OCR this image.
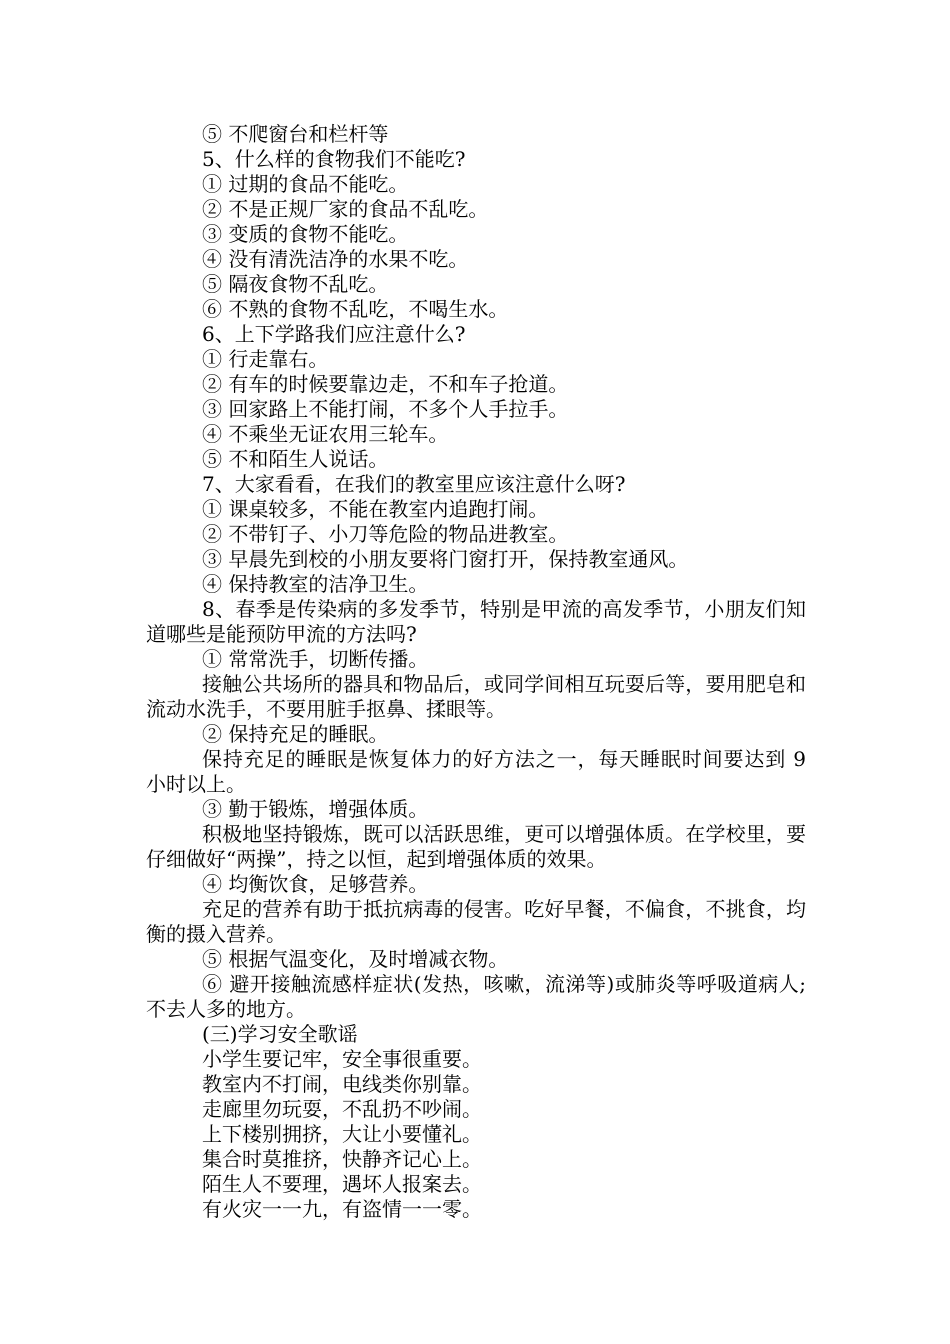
⑤ 不爬窗台和栏杆等
5、什么样的食物我们不能吃?
① 过期的食品不能吃。
② 不是正规厂家的食品不乱吃。
③ 变质的食物不能吃。
④ 没有清洗洁净的水果不吃。
⑤ 隔夜食物不乱吃。
⑥ 不熟的食物不乱吃，不喝生水。
6、上下学路我们应注意什么?
① 行走靠右。
② 有车的时候要靠边走，不和车子抢道。
③ 回家路上不能打闹，不多个人手拉手。
④ 不乘坐无证农用三轮车。
⑤ 不和陌生人说话。
7、大家看看，在我们的教室里应该注意什么呀?
① 课桌较多，不能在教室内追跑打闹。
② 不带钉子、小刀等危险的物品进教室。
③ 早晨先到校的小朋友要将门窗打开，保持教室通风。
④ 保持教室的洁净卫生。

8、春季是传染病的多发季节，特别是甲流的高发季节，小朋友们知道哪些是能预防甲流的方法吗?

① 常常洗手，切断传播。

接触公共场所的器具和物品后，或同学间相互玩耍后等，要用肥皂和流动水洗手，不要用脏手抠鼻、揉眼等。

② 保持充足的睡眠。

保持充足的睡眠是恢复体力的好方法之一，每天睡眠时间要达到 9 小时以上。

③ 勤于锻炼，增强体质。

积极地坚持锻炼，既可以活跃思维，更可以增强体质。在学校里，要仔细做好“两操”，持之以恒，起到增强体质的效果。

④ 均衡饮食，足够营养。

充足的营养有助于抵抗病毒的侵害。吃好早餐，不偏食，不挑食，均衡的摄入营养。

⑤ 根据气温变化，及时增减衣物。

⑥ 避开接触流感样症状(发热，咳嗽，流涕等)或肺炎等呼吸道病人;不去人多的地方。

(三)学习安全歌谣
小学生要记牢，安全事很重要。
教室内不打闹，电线类你别靠。
走廊里勿玩耍，不乱扔不吵闹。
上下楼别拥挤，大让小要懂礼。
集合时莫推挤，快静齐记心上。
陌生人不要理，遇坏人报案去。
有火灾一一九，有盗情一一零。
